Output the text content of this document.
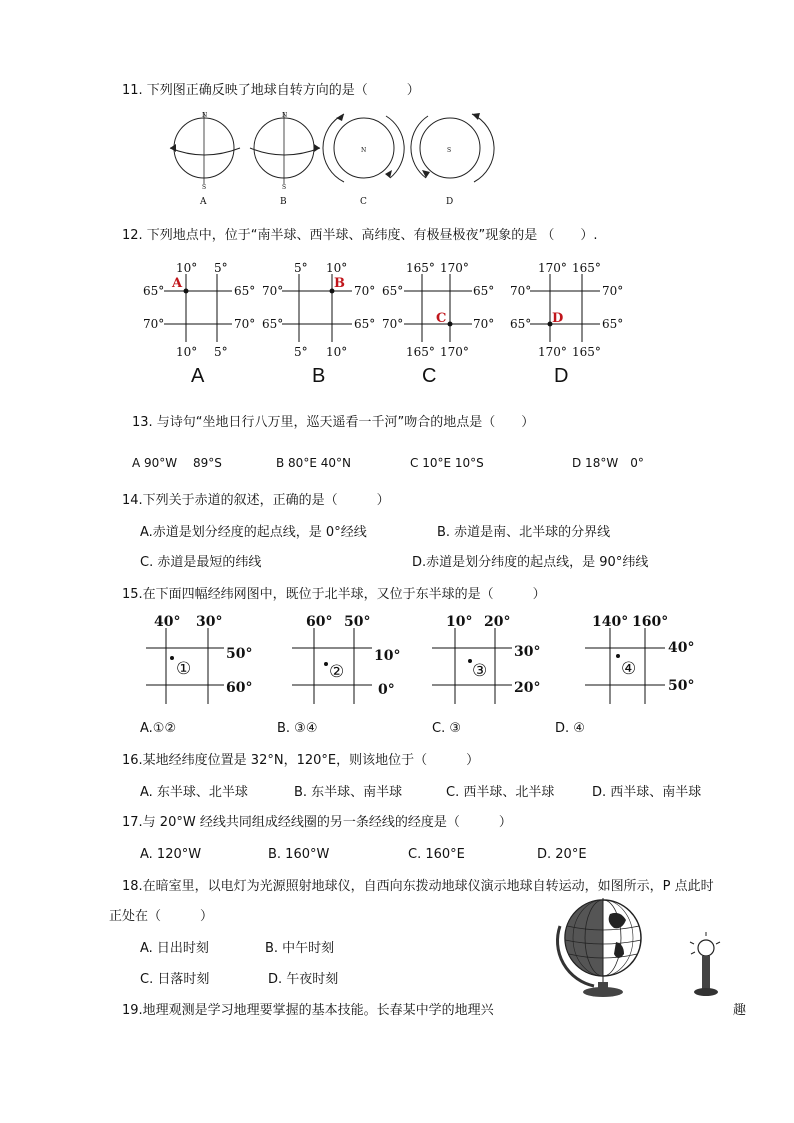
11. 下列图正确反映了地球自转方向的是（　　　）
N
S
A
N
S
B
N
C
S
D
12. 下列地点中，位于“南半球、西半球、高纬度、有极昼极夜”现象的是 （　　）.
10° 5°
10° 5°
65°
70°
65°
70°
A
A
5° 10°
5° 10°
70°
65°
70°
65°
B
B
165° 170°
165° 170°
65°
70°
65°
70°
C
C
170° 165°
170° 165°
70°
65°
70°
65°
D
D
13. 与诗句“坐地日行八万里，巡天遥看一千河”吻合的地点是（　　）
A 90°W　 89°S	B 80°E 40°N	C 10°E 10°S	D 18°W　0°
14.下列关于赤道的叙述，正确的是（　　　）
A.赤道是划分经度的起点线，是 0°经线	B. 赤道是南、北半球的分界线
C. 赤道是最短的纬线	D.赤道是划分纬度的起点线，是 90°纬线
15.在下面四幅经纬网图中，既位于北半球，又位于东半球的是（　　　）
40° 30°
50°
60°
①
60° 50°
10°
0°
②
10° 20°
30°
20°
③
140° 160°
40°
50°
④
A.①②	B. ③④	C. ③	D. ④
16.某地经纬度位置是 32°N，120°E，则该地位于（　　　）
A. 东半球、北半球	B. 东半球、南半球	C. 西半球、北半球	D. 西半球、南半球
17.与 20°W 经线共同组成经线圈的另一条经线的经度是（　　　）
A. 120°W	B. 160°W	C. 160°E	D. 20°E
18.在暗室里，以电灯为光源照射地球仪，自西向东拨动地球仪演示地球自转运动，如图所示，P 点此时
正处在（　　　）
A. 日出时刻	B. 中午时刻
C. 日落时刻	D. 午夜时刻
19.地理观测是学习地理要掌握的基本技能。长春某中学的地理兴	趣
